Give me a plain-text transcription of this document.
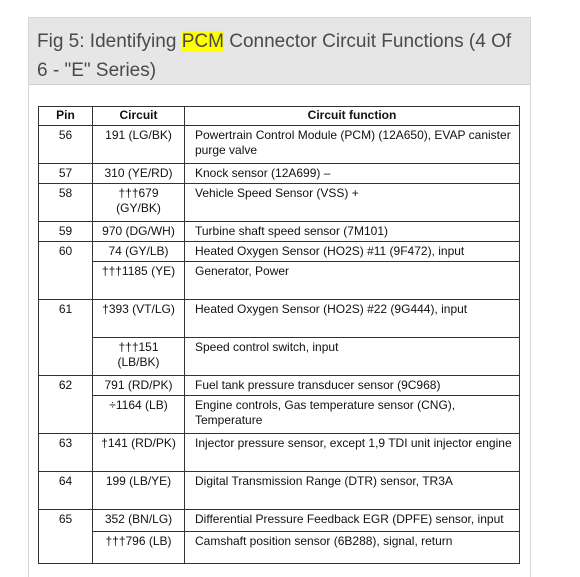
Fig 5: Identifying PCM Connector Circuit Functions (4 Of 6 - "E" Series)
Pin	Circuit	Circuit function
56	191 (LG/BK)	Powertrain Control Module (PCM) (12A650), EVAP canister purge valve
57	310 (YE/RD)	Knock sensor (12A699) –
58	†††679 (GY/BK)	Vehicle Speed Sensor (VSS) +
59	970 (DG/WH)	Turbine shaft speed sensor (7M101)
60	74 (GY/LB)	Heated Oxygen Sensor (HO2S) #11 (9F472), input
	†††1185 (YE)	Generator, Power
61	†393 (VT/LG)	Heated Oxygen Sensor (HO2S) #22 (9G444), input
	†††151 (LB/BK)	Speed control switch, input
62	791 (RD/PK)	Fuel tank pressure transducer sensor (9C968)
	÷1164 (LB)	Engine controls, Gas temperature sensor (CNG), Temperature
63	†141 (RD/PK)	Injector pressure sensor, except 1,9 TDI unit injector engine
64	199 (LB/YE)	Digital Transmission Range (DTR) sensor, TR3A
65	352 (BN/LG)	Differential Pressure Feedback EGR (DPFE) sensor, input
	†††796 (LB)	Camshaft position sensor (6B288), signal, return
